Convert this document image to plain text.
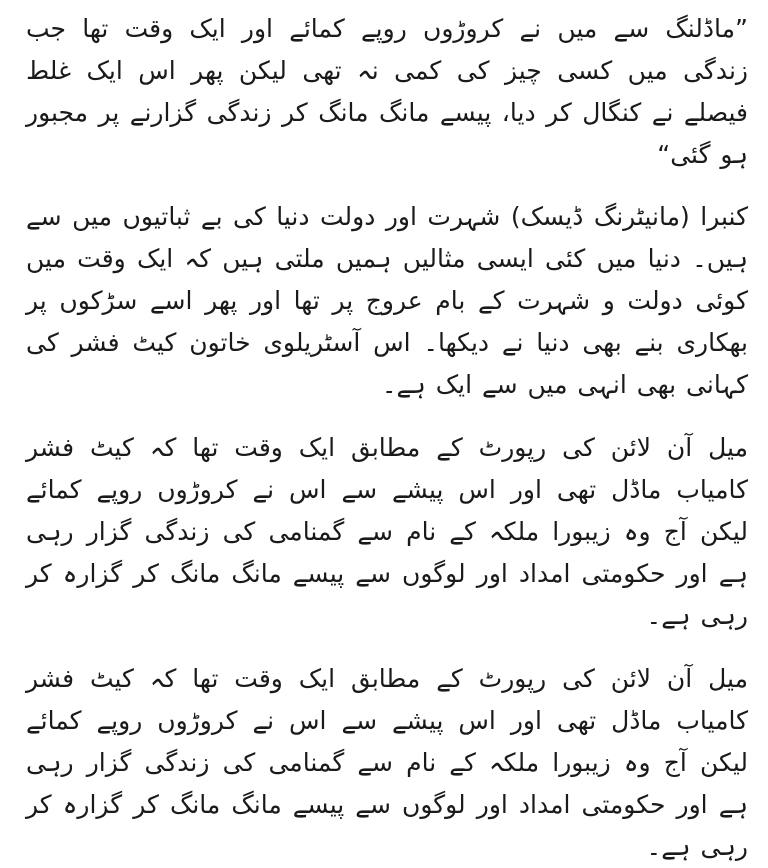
”ماڈلنگ سے میں نے کروڑوں روپے کمائے اور ایک وقت تھا جب زندگی میں کسی چیز کی کمی نہ تھی لیکن پھر اس ایک غلط فیصلے نے کنگال کر دیا، پیسے مانگ مانگ کر زندگی گزارنے پر مجبور ہو گئی“

کنبرا (مانیٹرنگ ڈیسک) شہرت اور دولت دنیا کی بے ثباتیوں میں سے ہیں۔ دنیا میں کئی ایسی مثالیں ہمیں ملتی ہیں کہ ایک وقت میں کوئی دولت و شہرت کے بام عروج پر تھا اور پھر اسے سڑکوں پر بھکاری بنے بھی دنیا نے دیکھا۔ اس آسٹریلوی خاتون کیٹ فشر کی کہانی بھی انہی میں سے ایک ہے۔

میل آن لائن کی رپورٹ کے مطابق ایک وقت تھا کہ کیٹ فشر کامیاب ماڈل تھی اور اس پیشے سے اس نے کروڑوں روپے کمائے لیکن آج وہ زیبورا ملکہ کے نام سے گمنامی کی زندگی گزار رہی ہے اور حکومتی امداد اور لوگوں سے پیسے مانگ مانگ کر گزارہ کر رہی ہے۔

میل آن لائن کی رپورٹ کے مطابق ایک وقت تھا کہ کیٹ فشر کامیاب ماڈل تھی اور اس پیشے سے اس نے کروڑوں روپے کمائے لیکن آج وہ زیبورا ملکہ کے نام سے گمنامی کی زندگی گزار رہی ہے اور حکومتی امداد اور لوگوں سے پیسے مانگ مانگ کر گزارہ کر رہی ہے۔
